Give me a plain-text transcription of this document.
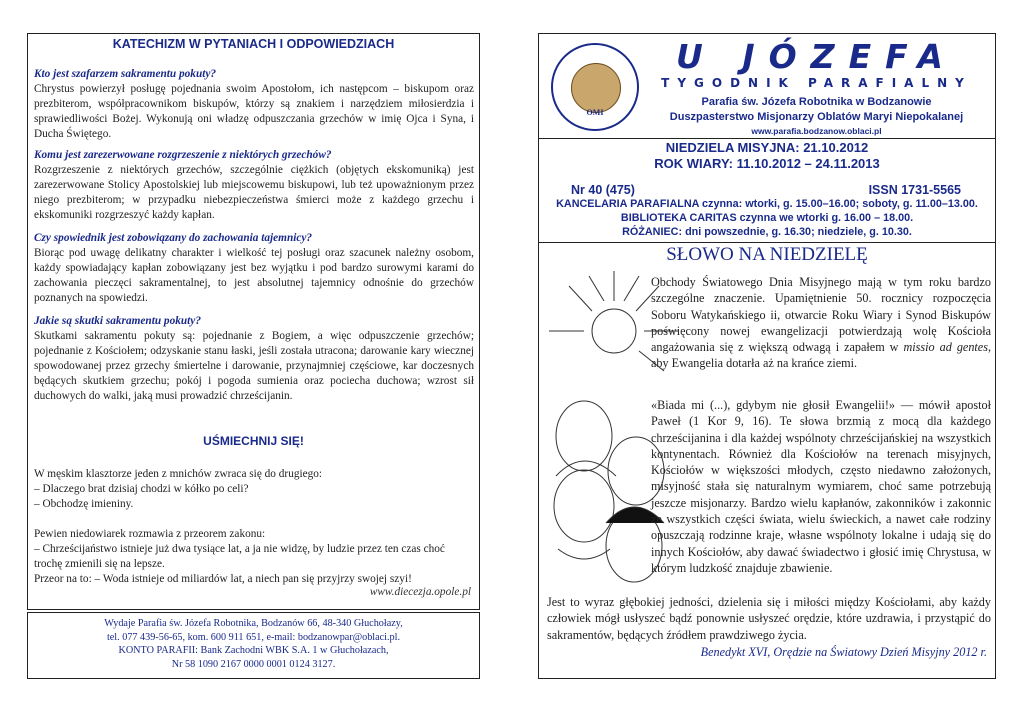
KATECHIZM W PYTANIACH I ODPOWIEDZIACH
Kto jest szafarzem sakramentu pokuty?
Chrystus powierzył posługę pojednania swoim Apostołom, ich następcom – biskupom oraz prezbiterom, współpracownikom biskupów, którzy są znakiem i narzędziem miłosierdzia i sprawiedliwości Bożej. Wykonują oni władzę odpuszczania grzechów w imię Ojca i Syna, i Ducha Świętego.
Komu jest zarezerwowane rozgrzeszenie z niektórych grzechów?
Rozgrzeszenie z niektórych grzechów, szczególnie ciężkich (objętych ekskomuniką) jest zarezerwowane Stolicy Apostolskiej lub miejscowemu biskupowi, lub też upoważnionym przez niego prezbiterom; w przypadku niebezpieczeństwa śmierci może z każdego grzechu i ekskomuniki rozgrzeszyć każdy kapłan.
Czy spowiednik jest zobowiązany do zachowania tajemnicy?
Biorąc pod uwagę delikatny charakter i wielkość tej posługi oraz szacunek należny osobom, każdy spowiadający kapłan zobowiązany jest bez wyjątku i pod bardzo surowymi karami do zachowania pieczęci sakramentalnej, to jest absolutnej tajemnicy odnośnie do grzechów poznanych na spowiedzi.
Jakie są skutki sakramentu pokuty?
Skutkami sakramentu pokuty są: pojednanie z Bogiem, a więc odpuszczenie grzechów; pojednanie z Kościołem; odzyskanie stanu łaski, jeśli została utracona; darowanie kary wiecznej spowodowanej przez grzechy śmiertelne i darowanie, przynajmniej częściowe, kar doczesnych będących skutkiem grzechu; pokój i pogoda sumienia oraz pociecha duchowa; wzrost sił duchowych do walki, jaką musi prowadzić chrześcijanin.
UŚMIECHNIJ SIĘ!
W męskim klasztorze jeden z mnichów zwraca się do drugiego:
– Dlaczego brat dzisiaj chodzi w kółko po celi?
– Obchodzę imieniny.
Pewien niedowiarek rozmawia z przeorem zakonu:
– Chrześcijaństwo istnieje już dwa tysiące lat, a ja nie widzę, by ludzie przez ten czas choć trochę zmienili się na lepsze.
Przeor na to: – Woda istnieje od miliardów lat, a niech pan się przyjrzy swojej szyi!
www.diecezja.opole.pl
Wydaje Parafia św. Józefa Robotnika, Bodzanów 66, 48-340 Głuchołazy,
tel. 077 439-56-65, kom. 600 911 651, e-mail: bodzanowpar@oblaci.pl.
KONTO PARAFII: Bank Zachodni WBK S.A. 1 w Głuchołazach,
Nr 58 1090 2167 0000 0001 0124 3127.
OMI
U JÓZEFA
TYGODNIK PARAFIALNY
Parafia św. Józefa Robotnika w Bodzanowie
Duszpasterstwo Misjonarzy Oblatów Maryi Niepokalanej
www.parafia.bodzanow.oblaci.pl
NIEDZIELA MISYJNA: 21.10.2012
ROK WIARY: 11.10.2012 – 24.11.2013
Nr 40 (475)	ISSN 1731-5565
KANCELARIA PARAFIALNA czynna: wtorki, g. 15.00–16.00; soboty, g. 11.00–13.00.
BIBLIOTEKA CARITAS czynna we wtorki g. 16.00 – 18.00.
RÓŻANIEC: dni powszednie, g. 16.30; niedziele, g. 10.30.
SŁOWO NA NIEDZIELĘ
Obchody Światowego Dnia Misyjnego mają w tym roku bardzo szczególne znaczenie. Upamiętnienie 50. rocznicy rozpoczęcia Soboru Watykańskiego ii, otwarcie Roku Wiary i Synod Biskupów poświęcony nowej ewangelizacji potwierdzają wolę Kościoła angażowania się z większą odwagą i zapałem w missio ad gentes, aby Ewangelia dotarła aż na krańce ziemi.
«Biada mi (...), gdybym nie głosił Ewangelii!» — mówił apostoł Paweł (1 Kor 9, 16). Te słowa brzmią z mocą dla każdego chrześcijanina i dla każdej wspólnoty chrześcijańskiej na wszystkich kontynentach. Również dla Kościołów na terenach misyjnych, Kościołów w większości młodych, często niedawno założonych, misyjność stała się naturalnym wymiarem, choć same potrzebują jeszcze misjonarzy. Bardzo wielu kapłanów, zakonników i zakonnic ze wszystkich części świata, wielu świeckich, a nawet całe rodziny opuszczają rodzinne kraje, własne wspólnoty lokalne i udają się do innych Kościołów, aby dawać świadectwo i głosić imię Chrystusa, w którym ludzkość znajduje zbawienie.
Jest to wyraz głębokiej jedności, dzielenia się i miłości między Kościołami, aby każdy człowiek mógł usłyszeć bądź ponownie usłyszeć orędzie, które uzdrawia, i przystąpić do sakramentów, będących źródłem prawdziwego życia.
Benedykt XVI, Orędzie na Światowy Dzień Misyjny 2012 r.
